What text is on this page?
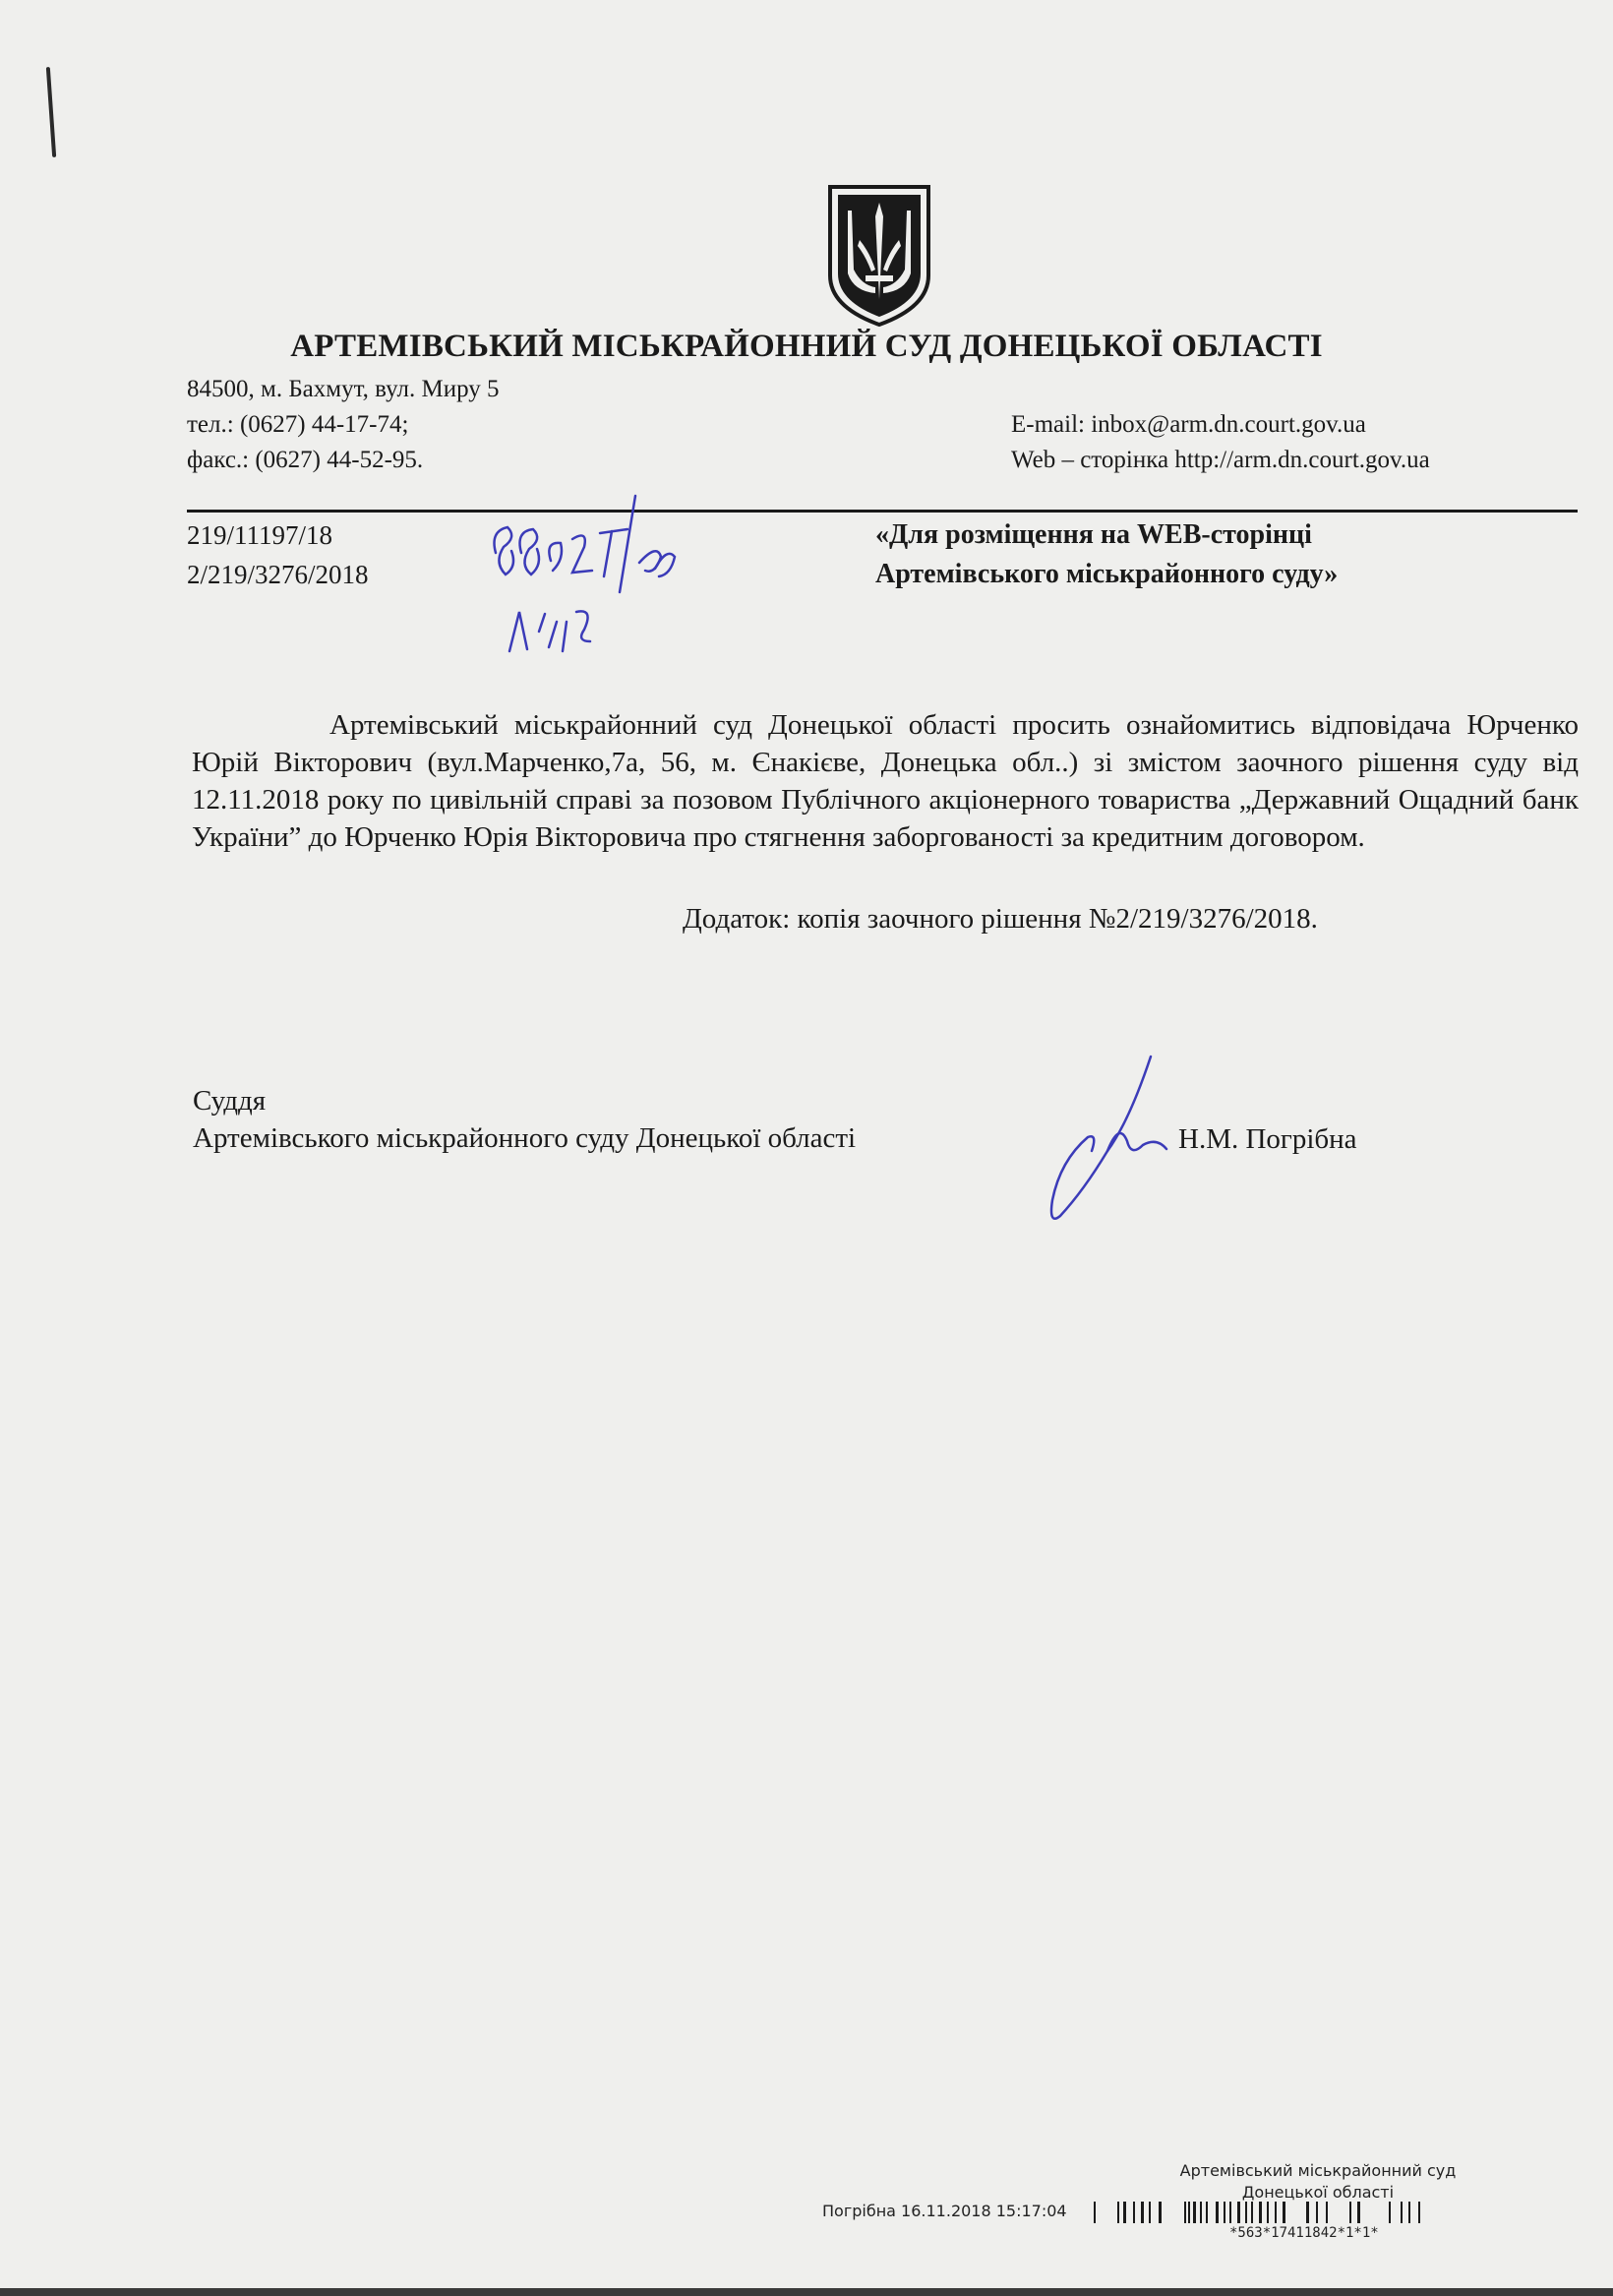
АРТЕМІВСЬКИЙ МІСЬКРАЙОННИЙ СУД ДОНЕЦЬКОЇ ОБЛАСТІ
84500, м. Бахмут, вул. Миру 5
тел.: (0627) 44-17-74;
факс.: (0627) 44-52-95.
E-mail: inbox@arm.dn.court.gov.ua
Web – сторінка http://arm.dn.court.gov.ua
219/11197/18
2/219/3276/2018
«Для розміщення на WEB-сторінці
Артемівського міськрайонного суду»

Артемівський міськрайонний суд Донецької області просить ознайомитись відповідача Юрченко Юрій Вікторович (вул.Марченко,7а, 56, м. Єнакієве, Донецька обл..) зі змістом заочного рішення суду від 12.11.2018 року по цивільній справі за позовом Публічного акціонерного товариства „Державний Ощадний банк України” до Юрченко Юрія Вікторовича про стягнення заборгованості за кредитним договором.

Додаток: копія заочного рішення №2/219/3276/2018.
Суддя
Артемівського міськрайонного суду Донецької області	Н.М. Погрібна
Артемівський міськрайонний суд
Донецької області
Погрібна 16.11.2018 15:17:04
*563*17411842*1*1*
